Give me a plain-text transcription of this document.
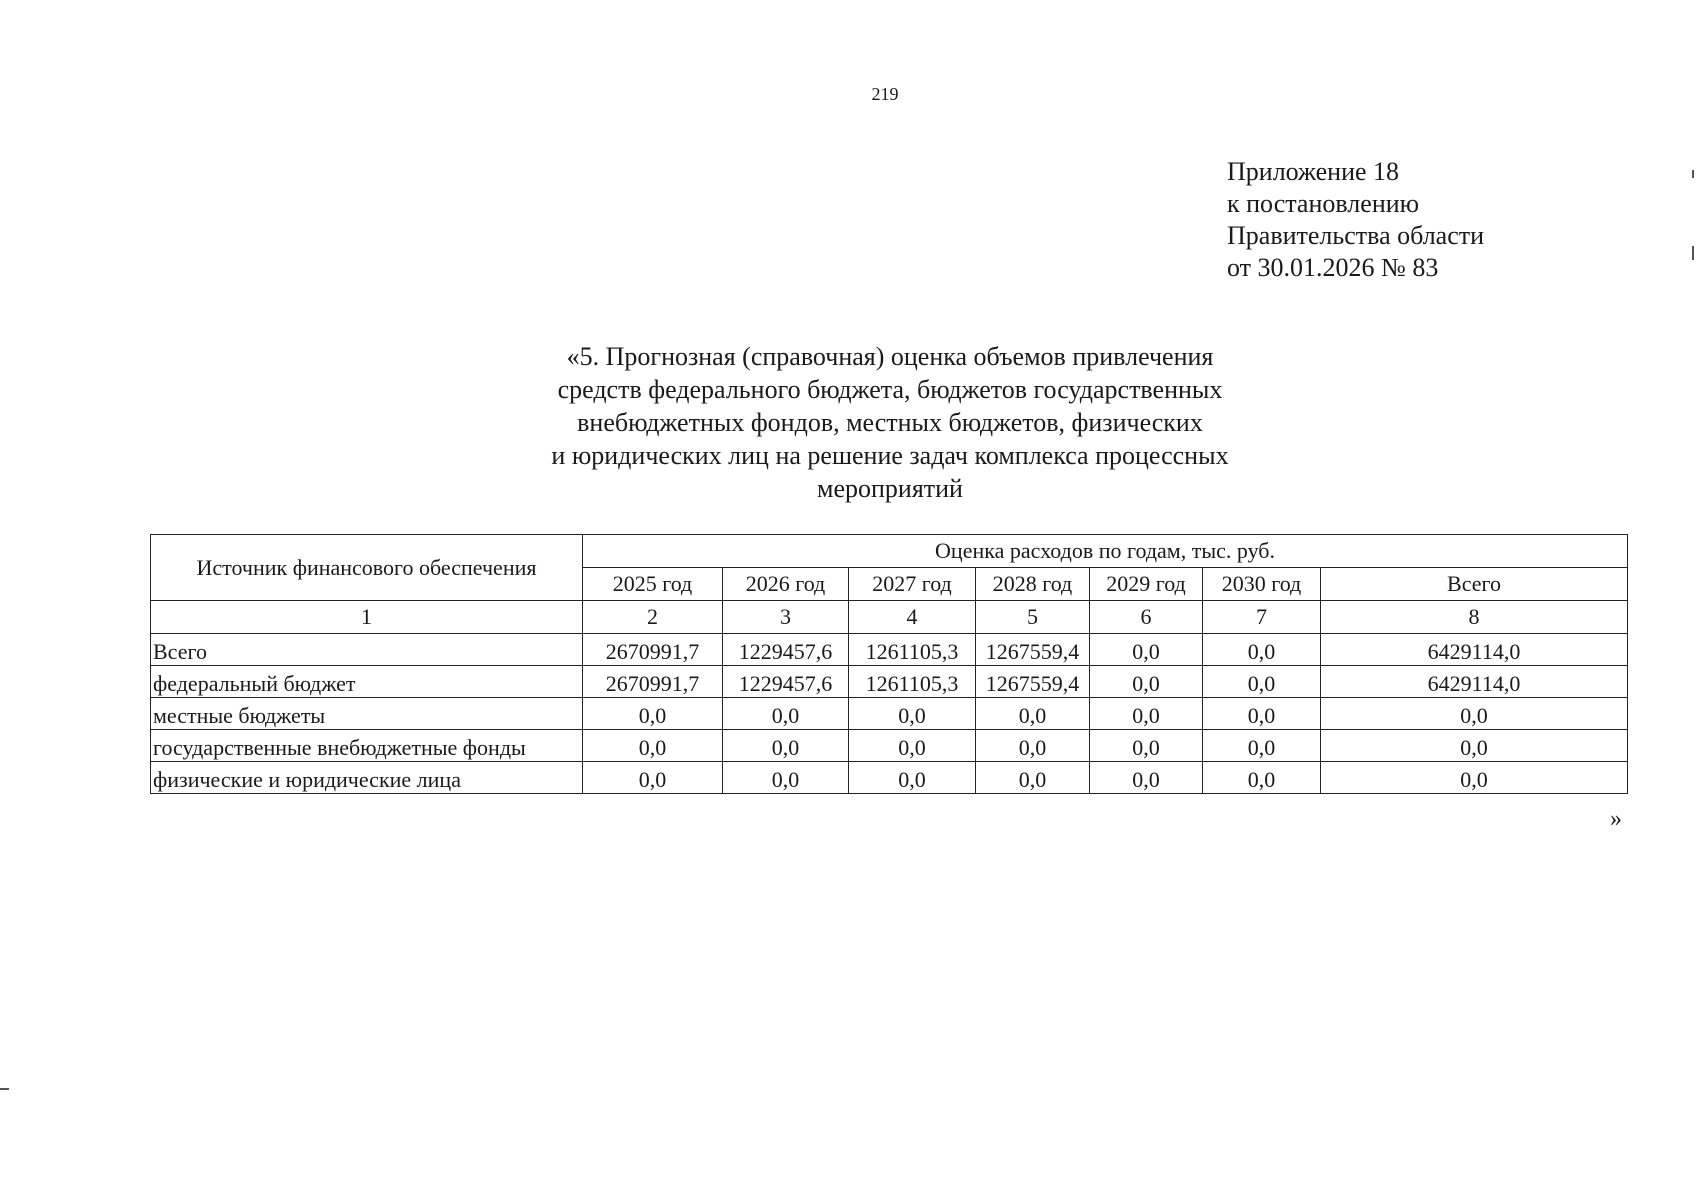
219
Приложение 18
к постановлению
Правительства области
от 30.01.2026 № 83
«5. Прогнозная (справочная) оценка объемов привлечения
средств федерального бюджета, бюджетов государственных
внебюджетных фондов, местных бюджетов, физических
и юридических лиц на решение задач комплекса процессных
мероприятий
Источник финансового обеспечения	Оценка расходов по годам, тыс. руб.						
	2025 год	2026 год	2027 год	2028 год	2029 год	2030 год	Всего
1	2	3	4	5	6	7	8
Всего	2670991,7	1229457,6	1261105,3	1267559,4	0,0	0,0	6429114,0
федеральный бюджет	2670991,7	1229457,6	1261105,3	1267559,4	0,0	0,0	6429114,0
местные бюджеты	0,0	0,0	0,0	0,0	0,0	0,0	0,0
государственные внебюджетные фонды	0,0	0,0	0,0	0,0	0,0	0,0	0,0
физические и юридические лица	0,0	0,0	0,0	0,0	0,0	0,0	0,0
»
